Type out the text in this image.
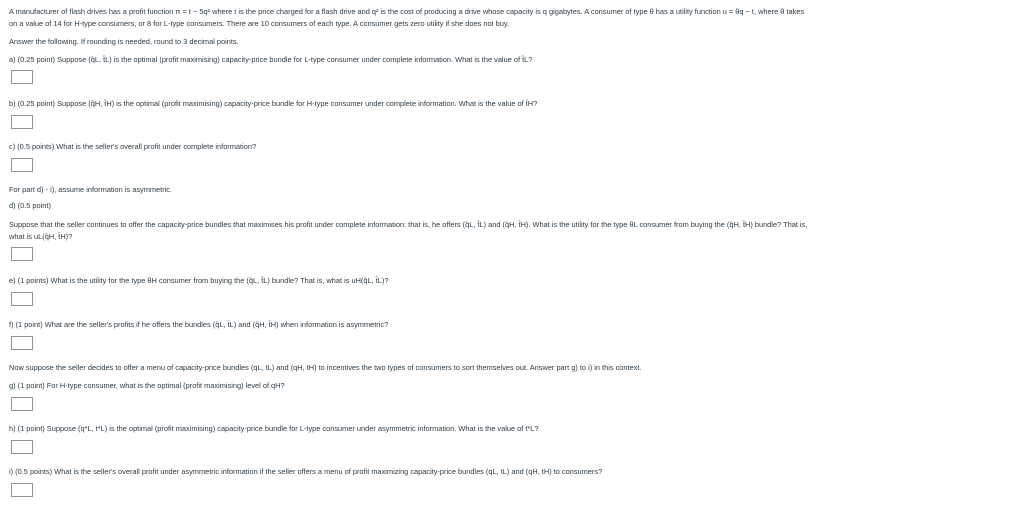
A manufacturer of flash drives has a profit function π = t − 5q² where t is the price charged for a flash drive and q² is the cost of producing a drive whose capacity is q gigabytes. A consumer of type θ has a utility function u = θq − t, where θ takes
on a value of 14 for H-type consumers, or 8 for L-type consumers. There are 10 consumers of each type. A consumer gets zero utility if she does not buy.
Answer the following. If rounding is needed, round to 3 decimal points.
a) (0.25 point) Suppose (q̂L, t̂L) is the optimal (profit maximising) capacity-price bundle for L-type consumer under complete information. What is the value of t̂L?
b) (0.25 point) Suppose (q̂H, t̂H) is the optimal (profit maximising) capacity-price bundle for H-type consumer under complete information. What is the value of t̂H?
c) (0.5 points) What is the seller's overall profit under complete information?
For part d) - i), assume information is asymmetric.
d) (0.5 point)
Suppose that the seller continues to offer the capacity-price bundles that maximises his profit under complete information: that is, he offers (q̂L, t̂L) and (q̂H, t̂H). What is the utility for the type θL consumer from buying the (q̂H, t̂H) bundle? That is,
what is uL(q̂H, t̂H)?
e) (1 points) What is the utility for the type θH consumer from buying the (q̂L, t̂L) bundle? That is, what is uH(q̂L, t̂L)?
f) (1 point) What are the seller's profits if he offers the bundles (q̂L, t̂L) and (q̂H, t̂H) when information is asymmetric?
Now suppose the seller decides to offer a menu of capacity-price bundles (qL, tL) and (qH, tH) to incentives the two types of consumers to sort themselves out. Answer part g) to i) in this context.
g) (1 point) For H-type consumer, what is the optimal (profit maximising) level of qH?
h) (1 point) Suppose (q*L, t*L) is the optimal (profit maximising) capacity-price bundle for L-type consumer under asymmetric information. What is the value of t*L?
i) (0.5 points) What is the seller's overall profit under asymmetric information if the seller offers a menu of profit maximizing capacity-price bundles (qL, tL) and (qH, tH) to consumers?
